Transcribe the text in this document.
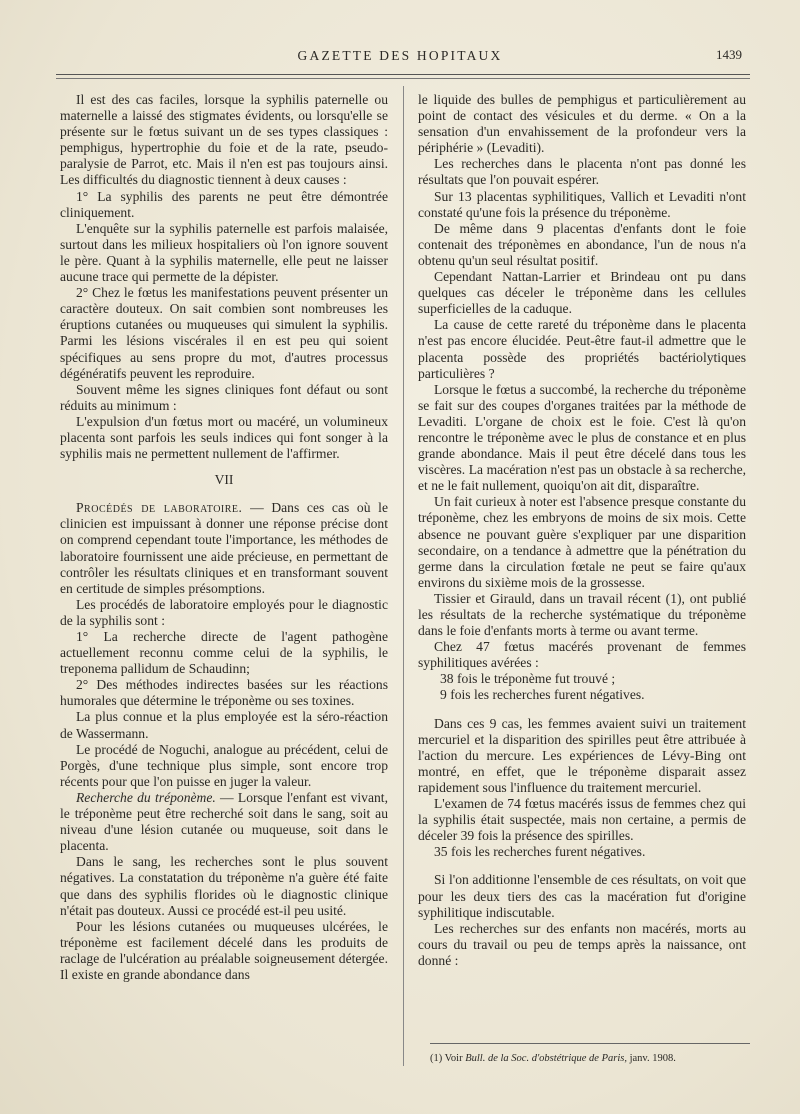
GAZETTE DES HOPITAUX	1439

Il est des cas faciles, lorsque la syphilis paternelle ou maternelle a laissé des stigmates évidents, ou lorsqu'elle se présente sur le fœtus suivant un de ses types classiques : pemphigus, hypertrophie du foie et de la rate, pseudo-paralysie de Parrot, etc. Mais il n'en est pas toujours ainsi. Les difficultés du diagnostic tiennent à deux causes :

1° La syphilis des parents ne peut être démontrée cliniquement.

L'enquête sur la syphilis paternelle est parfois malaisée, surtout dans les milieux hospitaliers où l'on ignore souvent le père. Quant à la syphilis maternelle, elle peut ne laisser aucune trace qui permette de la dépister.

2° Chez le fœtus les manifestations peuvent présenter un caractère douteux. On sait combien sont nombreuses les éruptions cutanées ou muqueuses qui simulent la syphilis. Parmi les lésions viscérales il en est peu qui soient spécifiques au sens propre du mot, d'autres processus dégénératifs peuvent les reproduire.

Souvent même les signes cliniques font défaut ou sont réduits au minimum :

L'expulsion d'un fœtus mort ou macéré, un volumineux placenta sont parfois les seuls indices qui font songer à la syphilis mais ne permettent nullement de l'affirmer.

VII

Procédés de laboratoire. — Dans ces cas où le clinicien est impuissant à donner une réponse précise dont on comprend cependant toute l'importance, les méthodes de laboratoire fournissent une aide précieuse, en permettant de contrôler les résultats cliniques et en transformant souvent en certitude de simples présomptions.

Les procédés de laboratoire employés pour le diagnostic de la syphilis sont :

1° La recherche directe de l'agent pathogène actuellement reconnu comme celui de la syphilis, le treponema pallidum de Schaudinn;

2° Des méthodes indirectes basées sur les réactions humorales que détermine le tréponème ou ses toxines.

La plus connue et la plus employée est la séro-réaction de Wassermann.

Le procédé de Noguchi, analogue au précédent, celui de Porgès, d'une technique plus simple, sont encore trop récents pour que l'on puisse en juger la valeur.

Recherche du tréponème. — Lorsque l'enfant est vivant, le tréponème peut être recherché soit dans le sang, soit au niveau d'une lésion cutanée ou muqueuse, soit dans le placenta.

Dans le sang, les recherches sont le plus souvent négatives. La constatation du tréponème n'a guère été faite que dans des syphilis florides où le diagnostic clinique n'était pas douteux. Aussi ce procédé est-il peu usité.

Pour les lésions cutanées ou muqueuses ulcérées, le tréponème est facilement décelé dans les produits de raclage de l'ulcération au préalable soigneusement détergée. Il existe en grande abondance dans

le liquide des bulles de pemphigus et particulièrement au point de contact des vésicules et du derme. « On a la sensation d'un envahissement de la profondeur vers la périphérie » (Levaditi).

Les recherches dans le placenta n'ont pas donné les résultats que l'on pouvait espérer.

Sur 13 placentas syphilitiques, Vallich et Levaditi n'ont constaté qu'une fois la présence du tréponème.

De même dans 9 placentas d'enfants dont le foie contenait des tréponèmes en abondance, l'un de nous n'a obtenu qu'un seul résultat positif.

Cependant Nattan-Larrier et Brindeau ont pu dans quelques cas déceler le tréponème dans les cellules superficielles de la caduque.

La cause de cette rareté du tréponème dans le placenta n'est pas encore élucidée. Peut-être faut-il admettre que le placenta possède des propriétés bactériolytiques particulières ?

Lorsque le fœtus a succombé, la recherche du tréponème se fait sur des coupes d'organes traitées par la méthode de Levaditi. L'organe de choix est le foie. C'est là qu'on rencontre le tréponème avec le plus de constance et en plus grande abondance. Mais il peut être décelé dans tous les viscères. La macération n'est pas un obstacle à sa recherche, et ne le fait nullement, quoiqu'on ait dit, disparaître.

Un fait curieux à noter est l'absence presque constante du tréponème, chez les embryons de moins de six mois. Cette absence ne pouvant guère s'expliquer par une disparition secondaire, on a tendance à admettre que la pénétration du germe dans la circulation fœtale ne peut se faire qu'aux environs du sixième mois de la grossesse.

Tissier et Girauld, dans un travail récent (1), ont publié les résultats de la recherche systématique du tréponème dans le foie d'enfants morts à terme ou avant terme.

Chez 47 fœtus macérés provenant de femmes syphilitiques avérées :

38 fois le tréponème fut trouvé ;

9 fois les recherches furent négatives.

Dans ces 9 cas, les femmes avaient suivi un traitement mercuriel et la disparition des spirilles peut être attribuée à l'action du mercure. Les expériences de Lévy-Bing ont montré, en effet, que le tréponème disparait assez rapidement sous l'influence du traitement mercuriel.

L'examen de 74 fœtus macérés issus de femmes chez qui la syphilis était suspectée, mais non certaine, a permis de déceler 39 fois la présence des spirilles.

35 fois les recherches furent négatives.

Si l'on additionne l'ensemble de ces résultats, on voit que pour les deux tiers des cas la macération fut d'origine syphilitique indiscutable.

Les recherches sur des enfants non macérés, morts au cours du travail ou peu de temps après la naissance, ont donné :

(1) Voir Bull. de la Soc. d'obstétrique de Paris, janv. 1908.
